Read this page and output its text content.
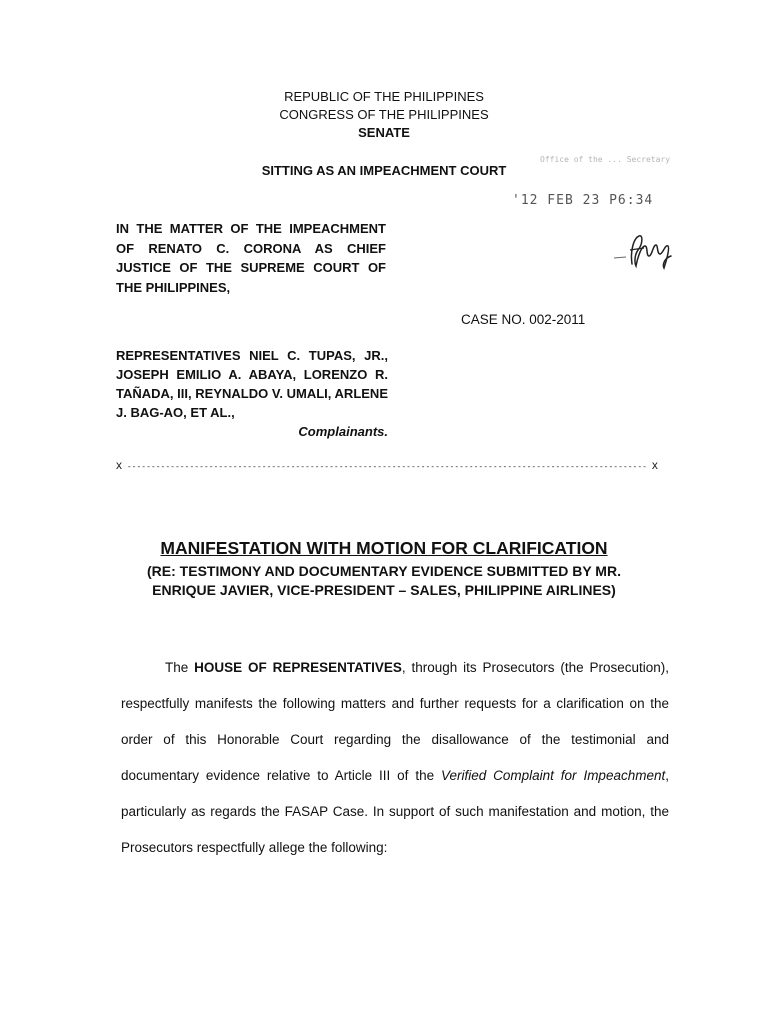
REPUBLIC OF THE PHILIPPINES
CONGRESS OF THE PHILIPPINES
SENATE
SITTING AS AN IMPEACHMENT COURT
Office of the ... Secretary
'12 FEB 23 P6:34
IN THE MATTER OF THE IMPEACHMENT OF RENATO C. CORONA AS CHIEF JUSTICE OF THE SUPREME COURT OF THE PHILIPPINES,
CASE NO. 002-2011
REPRESENTATIVES NIEL C. TUPAS, JR., JOSEPH EMILIO A. ABAYA, LORENZO R. TAÑADA, III, REYNALDO V. UMALI, ARLENE J. BAG-AO, ET AL.,
Complainants.
x ------------------------------------------------------------------------------------------------------------ x
MANIFESTATION WITH MOTION FOR CLARIFICATION
(RE: TESTIMONY AND DOCUMENTARY EVIDENCE SUBMITTED BY MR.
ENRIQUE JAVIER, VICE-PRESIDENT – SALES, PHILIPPINE AIRLINES)
The HOUSE OF REPRESENTATIVES, through its Prosecutors (the Prosecution), respectfully manifests the following matters and further requests for a clarification on the order of this Honorable Court regarding the disallowance of the testimonial and documentary evidence relative to Article III of the Verified Complaint for Impeachment, particularly as regards the FASAP Case. In support of such manifestation and motion, the Prosecutors respectfully allege the following:
